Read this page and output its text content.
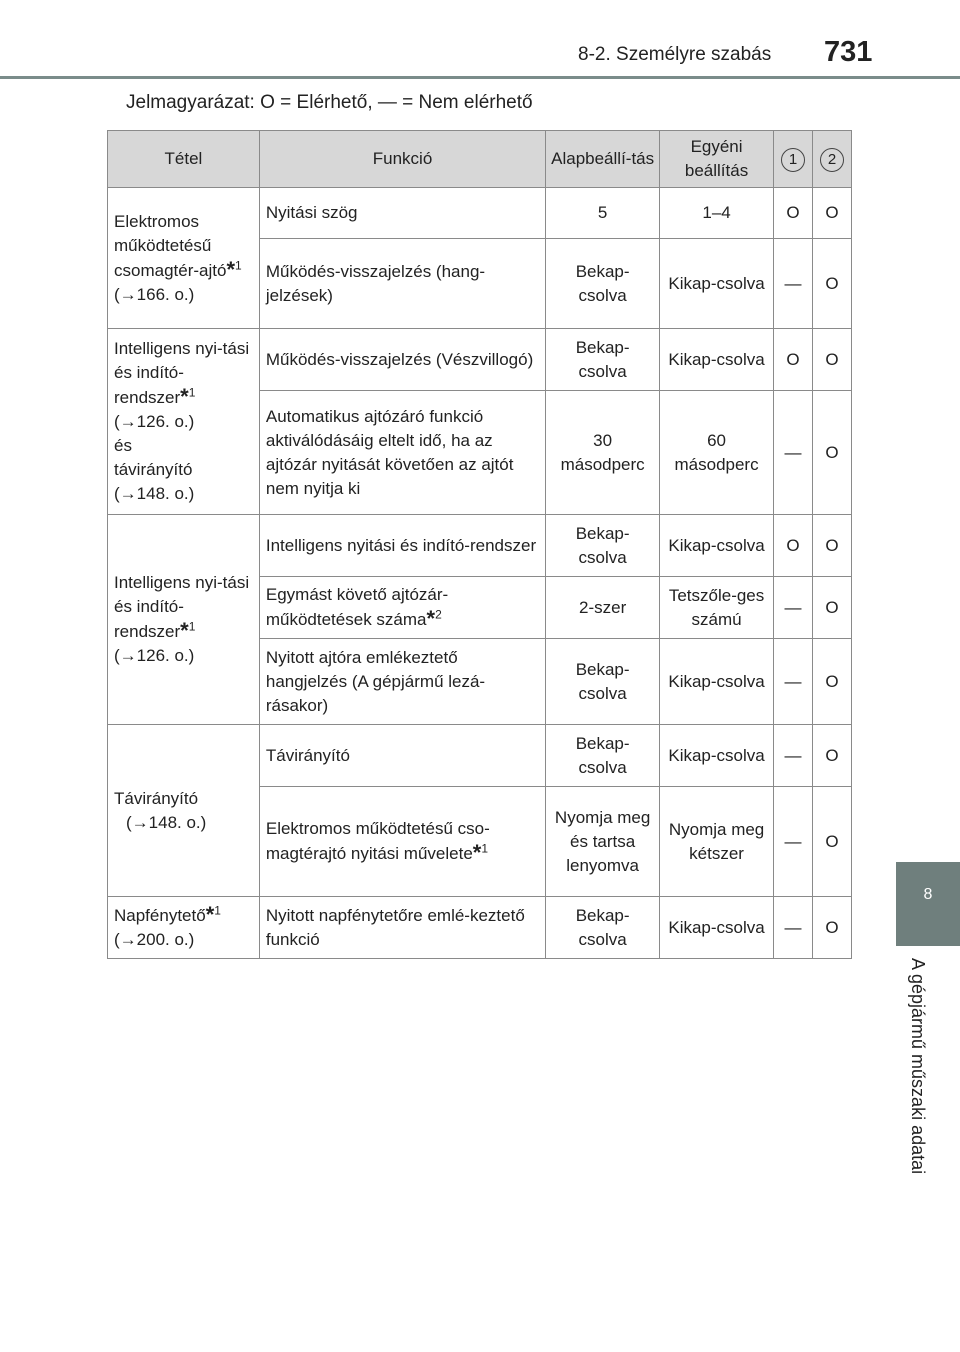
8-2. Személyre szabás 731
Jelmagyarázat: O = Elérhető, — = Nem elérhető
Tétel	Funkció	Alapbeállí-tás	Egyéni beállítás	1	2
Elektromos működtetésű csomagtér-ajtó*$^1$
(→166. o.)	Nyitási szög	5	1–4	O	O
	Működés-visszajelzés (hang-jelzések)	Bekap-csolva	Kikap-csolva	—	O
Intelligens nyi-tási és indító-rendszer*$^1$
(→126. o.)
és
távirányító
(→148. o.)	Működés-visszajelzés (Vészvillogó)	Bekap-csolva	Kikap-csolva	O	O
	Automatikus ajtózáró funkció aktiválódásáig eltelt idő, ha az ajtózár nyitását követően az ajtót nem nyitja ki	30 másodperc	60 másodperc	—	O
Intelligens nyi-tási és indító-rendszer*$^1$
(→126. o.)	Intelligens nyitási és indító-rendszer	Bekap-csolva	Kikap-csolva	O	O
	Egymást követő ajtózár-működtetések száma*$^2$	2-szer	Tetszőle-ges számú	—	O
	Nyitott ajtóra emlékeztető hangjelzés (A gépjármű lezá-rásakor)	Bekap-csolva	Kikap-csolva	—	O

Távirányító
(→148. o.)	Távirányító	Bekap-csolva	Kikap-csolva	—	O
	Elektromos működtetésű cso-magtérajtó nyitási művelete*$^1$	Nyomja meg és tartsa lenyomva	Nyomja meg kétszer	—	O
Napfénytető*$^1$
(→200. o.)	Nyitott napfénytetőre emlé-keztető funkció	Bekap-csolva	Kikap-csolva	—	O
8
A gépjármű műszaki adatai
